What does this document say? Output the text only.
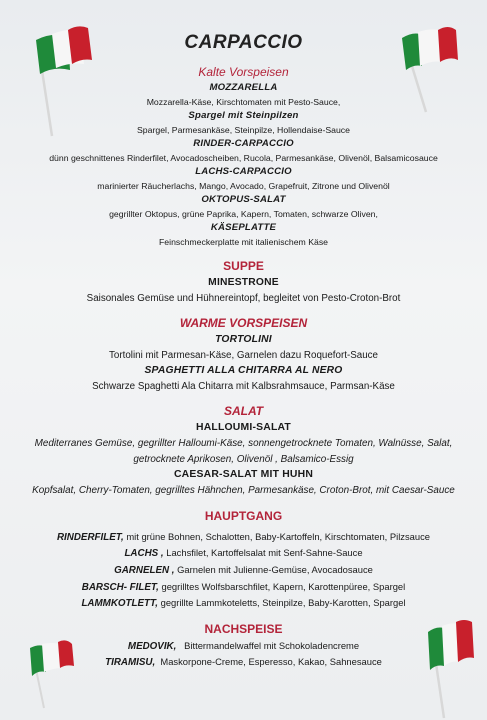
CARPACCIO
Kalte Vorspeisen
MOZZARELLA
Mozzarella-Käse, Kirschtomaten mit Pesto-Sauce,
Spargel mit Steinpilzen
Spargel, Parmesankäse, Steinpilze, Hollendaise-Sauce
RINDER-CARPACCIO
dünn geschnittenes Rinderfilet, Avocadoscheiben, Rucola, Parmesankäse, Olivenöl, Balsamicosauce
LACHS-CARPACCIO
marinierter Räucherlachs, Mango, Avocado, Grapefruit, Zitrone und Olivenöl
OKTOPUS-SALAT
gegrillter Oktopus, grüne Paprika, Kapern, Tomaten, schwarze Oliven,
KÄSEPLATTE
Feinschmeckerplatte mit italienischem Käse
SUPPE
MINESTRONE
Saisonales Gemüse und Hühnereintopf, begleitet von Pesto-Croton-Brot
WARME VORSPEISEN
TORTOLINI
Tortolini mit Parmesan-Käse, Garnelen dazu Roquefort-Sauce
SPAGHETTI ALLA CHITARRA AL NERO
Schwarze Spaghetti Ala Chitarra mit Kalbsrahmsauce, Parmsan-Käse
SALAT
HALLOUMI-SALAT
Mediterranes Gemüse, gegrillter Halloumi-Käse, sonnengetrocknete Tomaten, Walnüsse, Salat, getrocknete Aprikosen, Olivenöl , Balsamico-Essig
CAESAR-SALAT MIT HUHN
Kopfsalat, Cherry-Tomaten, gegrilltes Hähnchen, Parmesankäse, Croton-Brot, mit Caesar-Sauce
HAUPTGANG
RINDERFILET, mit grüne Bohnen, Schalotten, Baby-Kartoffeln, Kirschtomaten, Pilzsauce
LACHS , Lachsfilet, Kartoffelsalat mit Senf-Sahne-Sauce
GARNELEN , Garnelen mit Julienne-Gemüse, Avocadosauce
BARSCH- FILET, gegrilltes Wolfsbarschfilet, Kapern, Karottenpüree, Spargel
LAMMKOTLETT, gegrillte Lammkoteletts, Steinpilze, Baby-Karotten, Spargel
NACHSPEISE
MEDOVIK,   Bittermandelwaffel mit Schokoladencreme
TIRAMISU,  Maskorpone-Creme, Esperesso, Kakao, Sahnesauce
